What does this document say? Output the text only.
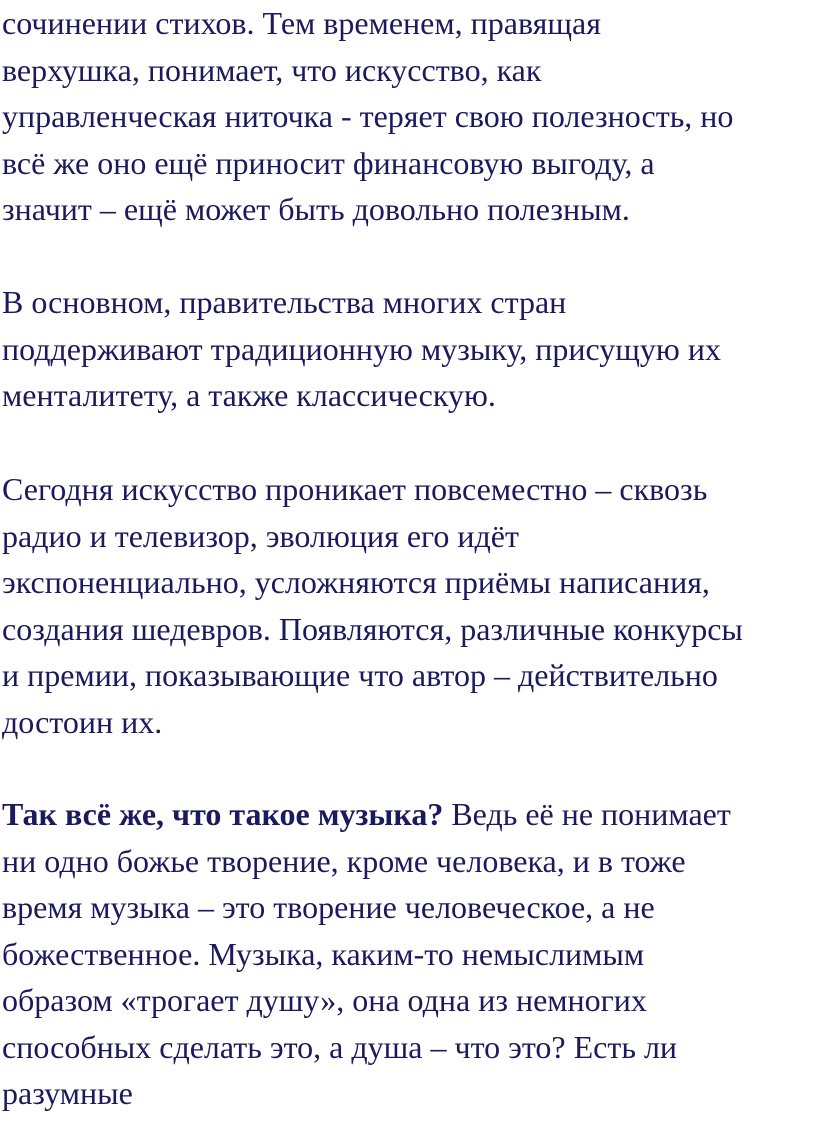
сочинении стихов. Тем временем, правящая
верхушка, понимает, что искусство, как
управленческая ниточка - теряет свою полезность, но
всё же оно ещё приносит финансовую выгоду, а
значит – ещё может быть довольно полезным.

В основном, правительства многих стран
поддерживают традиционную музыку, присущую их
менталитету, а также классическую.

Сегодня искусство проникает повсеместно – сквозь
радио и телевизор, эволюция его идёт
экспоненциально, усложняются приёмы написания,
создания шедевров. Появляются, различные конкурсы
и премии, показывающие что автор – действительно
достоин их.

Так всё же, что такое музыка? Ведь её не понимает
ни одно божье творение, кроме человека, и в тоже
время музыка – это творение человеческое, а не
божественное. Музыка, каким-то немыслимым
образом «трогает душу», она одна из немногих
способных сделать это, а душа – что это? Есть ли
разумные
